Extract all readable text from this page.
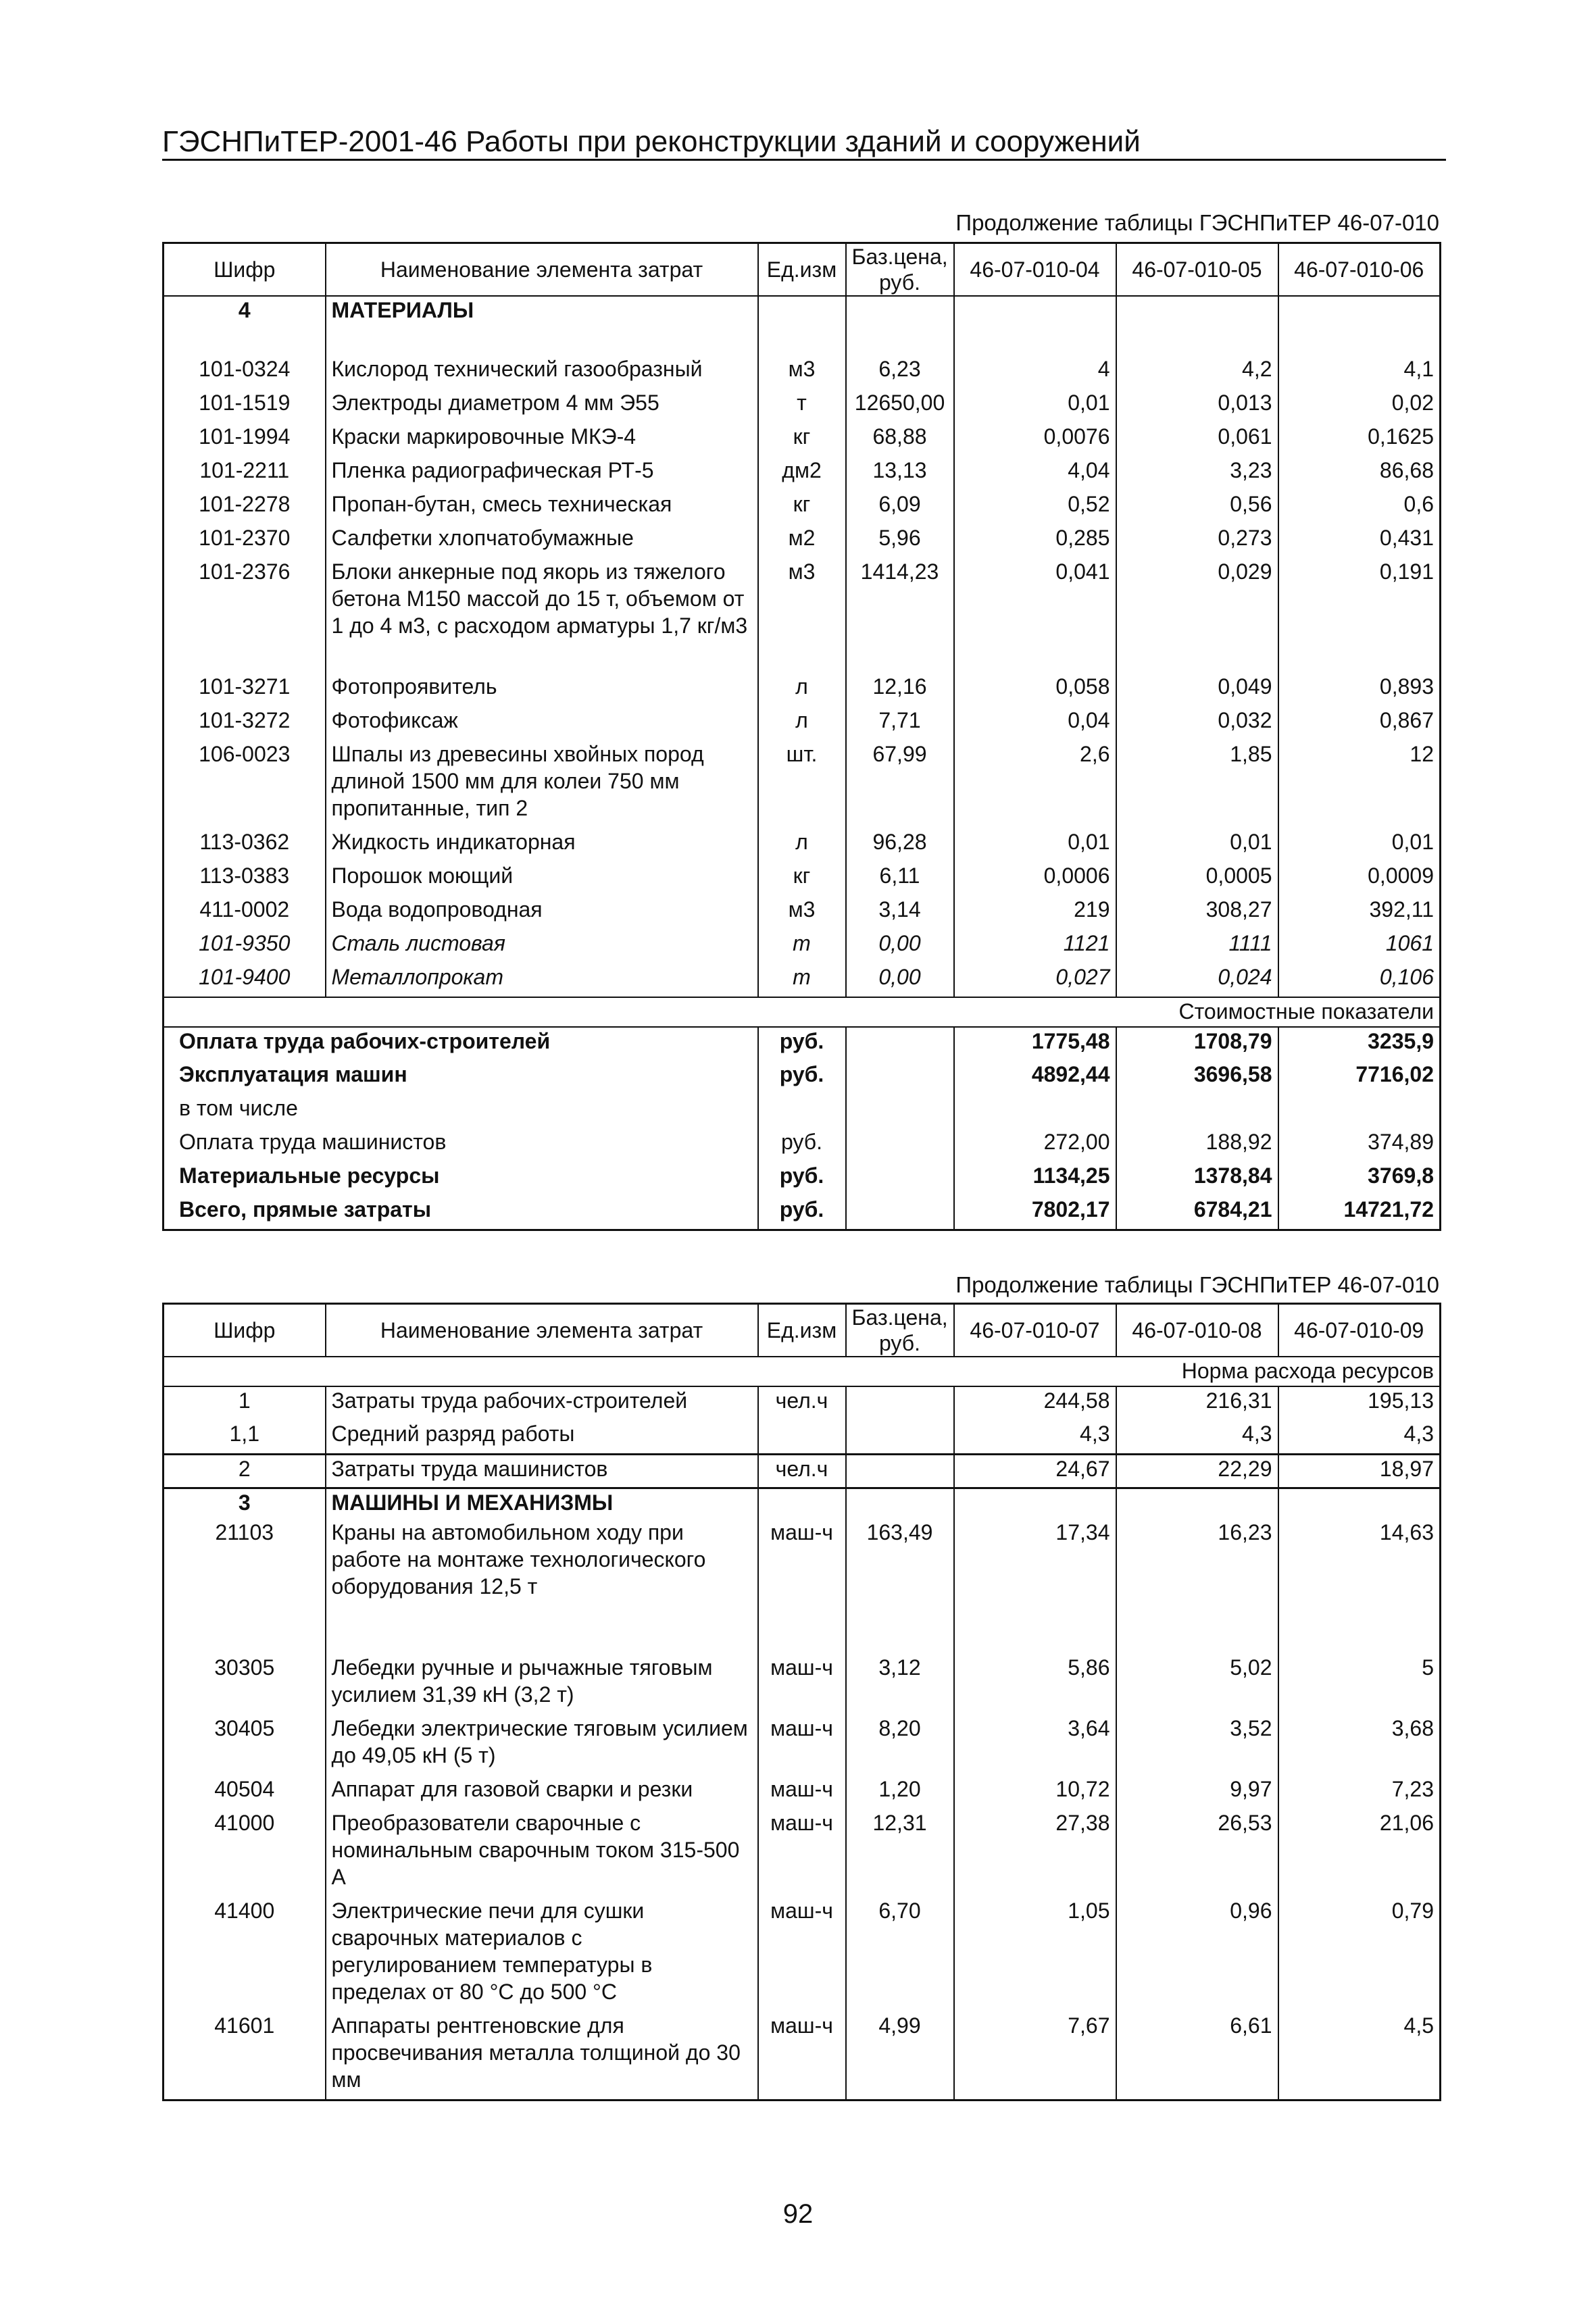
ГЭСНПиТЕР-2001-46 Работы при реконструкции зданий и сооружений
Продолжение таблицы ГЭСНПиТЕР 46-07-010
Шифр	Наименование элемента затрат	Ед.изм	Баз.цена, руб.	46-07-010-04	46-07-010-05	46-07-010-06
4	МАТЕРИАЛЫ					

101-0324	Кислород технический газообразный	м3	6,23	4	4,2	4,1
101-1519	Электроды диаметром 4 мм Э55	т	12650,00	0,01	0,013	0,02
101-1994	Краски маркировочные МКЭ-4	кг	68,88	0,0076	0,061	0,1625
101-2211	Пленка радиографическая РТ-5	дм2	13,13	4,04	3,23	86,68
101-2278	Пропан-бутан, смесь техническая	кг	6,09	0,52	0,56	0,6
101-2370	Салфетки хлопчатобумажные	м2	5,96	0,285	0,273	0,431
101-2376	Блоки анкерные под якорь из тяжелого бетона М150 массой до 15 т, объемом от 1 до 4 м3, с расходом арматуры 1,7 кг/м3	м3	1414,23	0,041	0,029	0,191
101-3271	Фотопроявитель	л	12,16	0,058	0,049	0,893
101-3272	Фотофиксаж	л	7,71	0,04	0,032	0,867
106-0023	Шпалы из древесины хвойных пород длиной 1500 мм для колеи 750 мм пропитанные, тип 2	шт.	67,99	2,6	1,85	12
113-0362	Жидкость индикаторная	л	96,28	0,01	0,01	0,01
113-0383	Порошок моющий	кг	6,11	0,0006	0,0005	0,0009
411-0002	Вода водопроводная	м3	3,14	219	308,27	392,11
101-9350	Сталь листовая	т	0,00	1121	1111	1061
101-9400	Металлопрокат	т	0,00	0,027	0,024	0,106
Стоимостные показатели						
Оплата труда рабочих-строителей		руб.		1775,48	1708,79	3235,9
Эксплуатация машин		руб.		4892,44	3696,58	7716,02
в том числе						
Оплата труда машинистов		руб.		272,00	188,92	374,89
Материальные ресурсы		руб.		1134,25	1378,84	3769,8
Всего, прямые затраты		руб.		7802,17	6784,21	14721,72
Продолжение таблицы ГЭСНПиТЕР 46-07-010
Шифр	Наименование элемента затрат	Ед.изм	Баз.цена, руб.	46-07-010-07	46-07-010-08	46-07-010-09
Норма расхода ресурсов						
1	Затраты труда рабочих-строителей	чел.ч		244,58	216,31	195,13
1,1	Средний разряд работы			4,3	4,3	4,3
2	Затраты труда машинистов	чел.ч		24,67	22,29	18,97
3	МАШИНЫ И МЕХАНИЗМЫ					
21103	Краны на автомобильном ходу при работе на монтаже технологического оборудования 12,5 т	маш-ч	163,49	17,34	16,23	14,63
30305	Лебедки ручные и рычажные тяговым усилием 31,39 кН (3,2 т)	маш-ч	3,12	5,86	5,02	5
30405	Лебедки электрические тяговым усилием до 49,05 кН (5 т)	маш-ч	8,20	3,64	3,52	3,68
40504	Аппарат для газовой сварки и резки	маш-ч	1,20	10,72	9,97	7,23
41000	Преобразователи сварочные с номинальным сварочным током 315-500 А	маш-ч	12,31	27,38	26,53	21,06
41400	Электрические печи для сушки сварочных материалов с регулированием температуры в пределах от 80 °С до 500 °С	маш-ч	6,70	1,05	0,96	0,79
41601	Аппараты рентгеновские для просвечивания металла толщиной до 30 мм	маш-ч	4,99	7,67	6,61	4,5
92
